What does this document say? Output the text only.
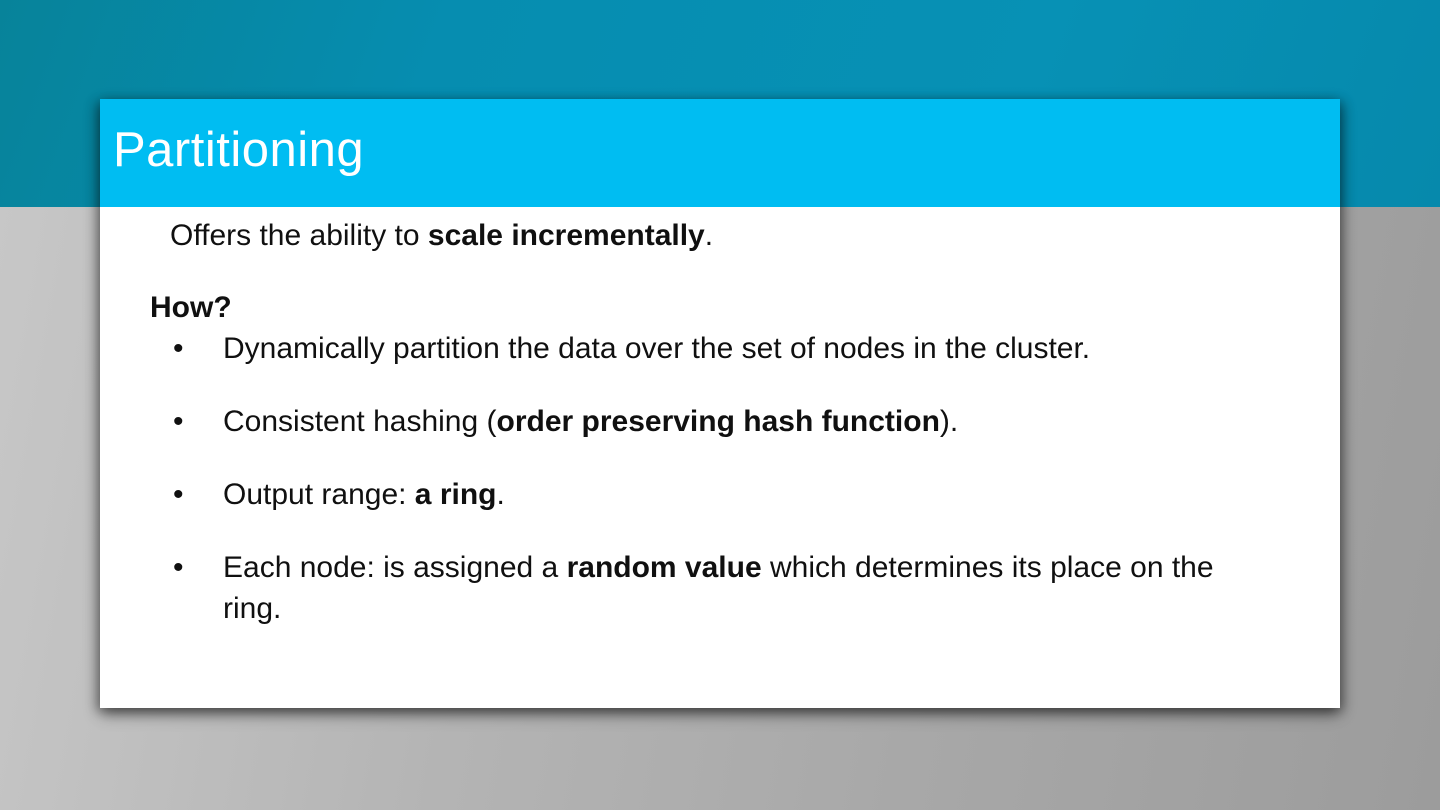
Partitioning

Offers the ability to scale incrementally.

How?

• Dynamically partition the data over the set of nodes in the cluster.
• Consistent hashing (order preserving hash function).
• Output range: a ring.
• Each node: is assigned a random value which determines its place on the ring.
